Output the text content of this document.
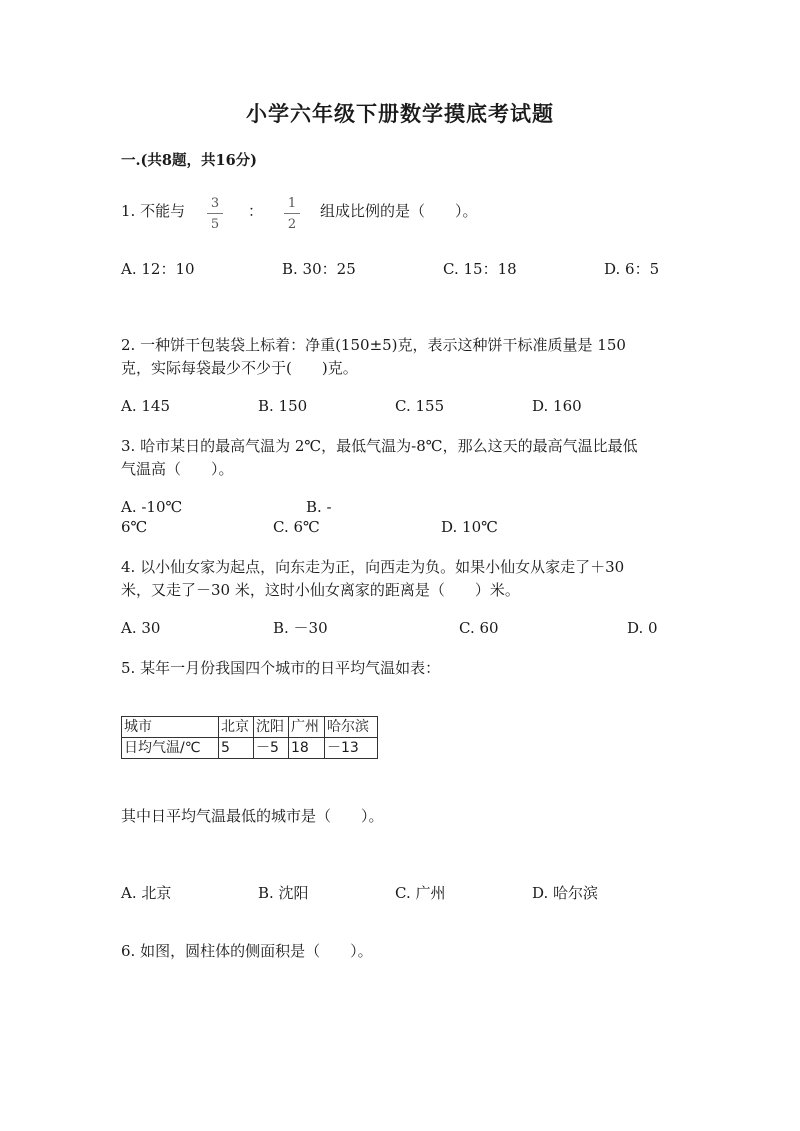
小学六年级下册数学摸底考试题
一.(共8题，共16分)
1. 不能与	3
5
：	1
2
组成比例的是（　　）。
A. 12：10	B. 30：25	C. 15：18	D. 6：5
2. 一种饼干包装袋上标着：净重(150±5)克，表示这种饼干标准质量是 150
克，实际每袋最少不少于(　　)克。
A. 145	B. 150	C. 155	D. 160
3. 哈市某日的最高气温为 2℃，最低气温为-8℃，那么这天的最高气温比最低
气温高（　　）。
A. -10℃	B. -
6℃	C. 6℃	D. 10℃
4. 以小仙女家为起点，向东走为正，向西走为负。如果小仙女从家走了＋30
米，又走了－30 米，这时小仙女离家的距离是（　　）米。
A. 30	B. －30	C. 60	D. 0
5. 某年一月份我国四个城市的日平均气温如表：
城市	北京	沈阳	广州	哈尔滨
日均气温/℃	5	－5	18	－13
其中日平均气温最低的城市是（　　）。
A. 北京	B. 沈阳	C. 广州	D. 哈尔滨
6. 如图，圆柱体的侧面积是（　　）。
